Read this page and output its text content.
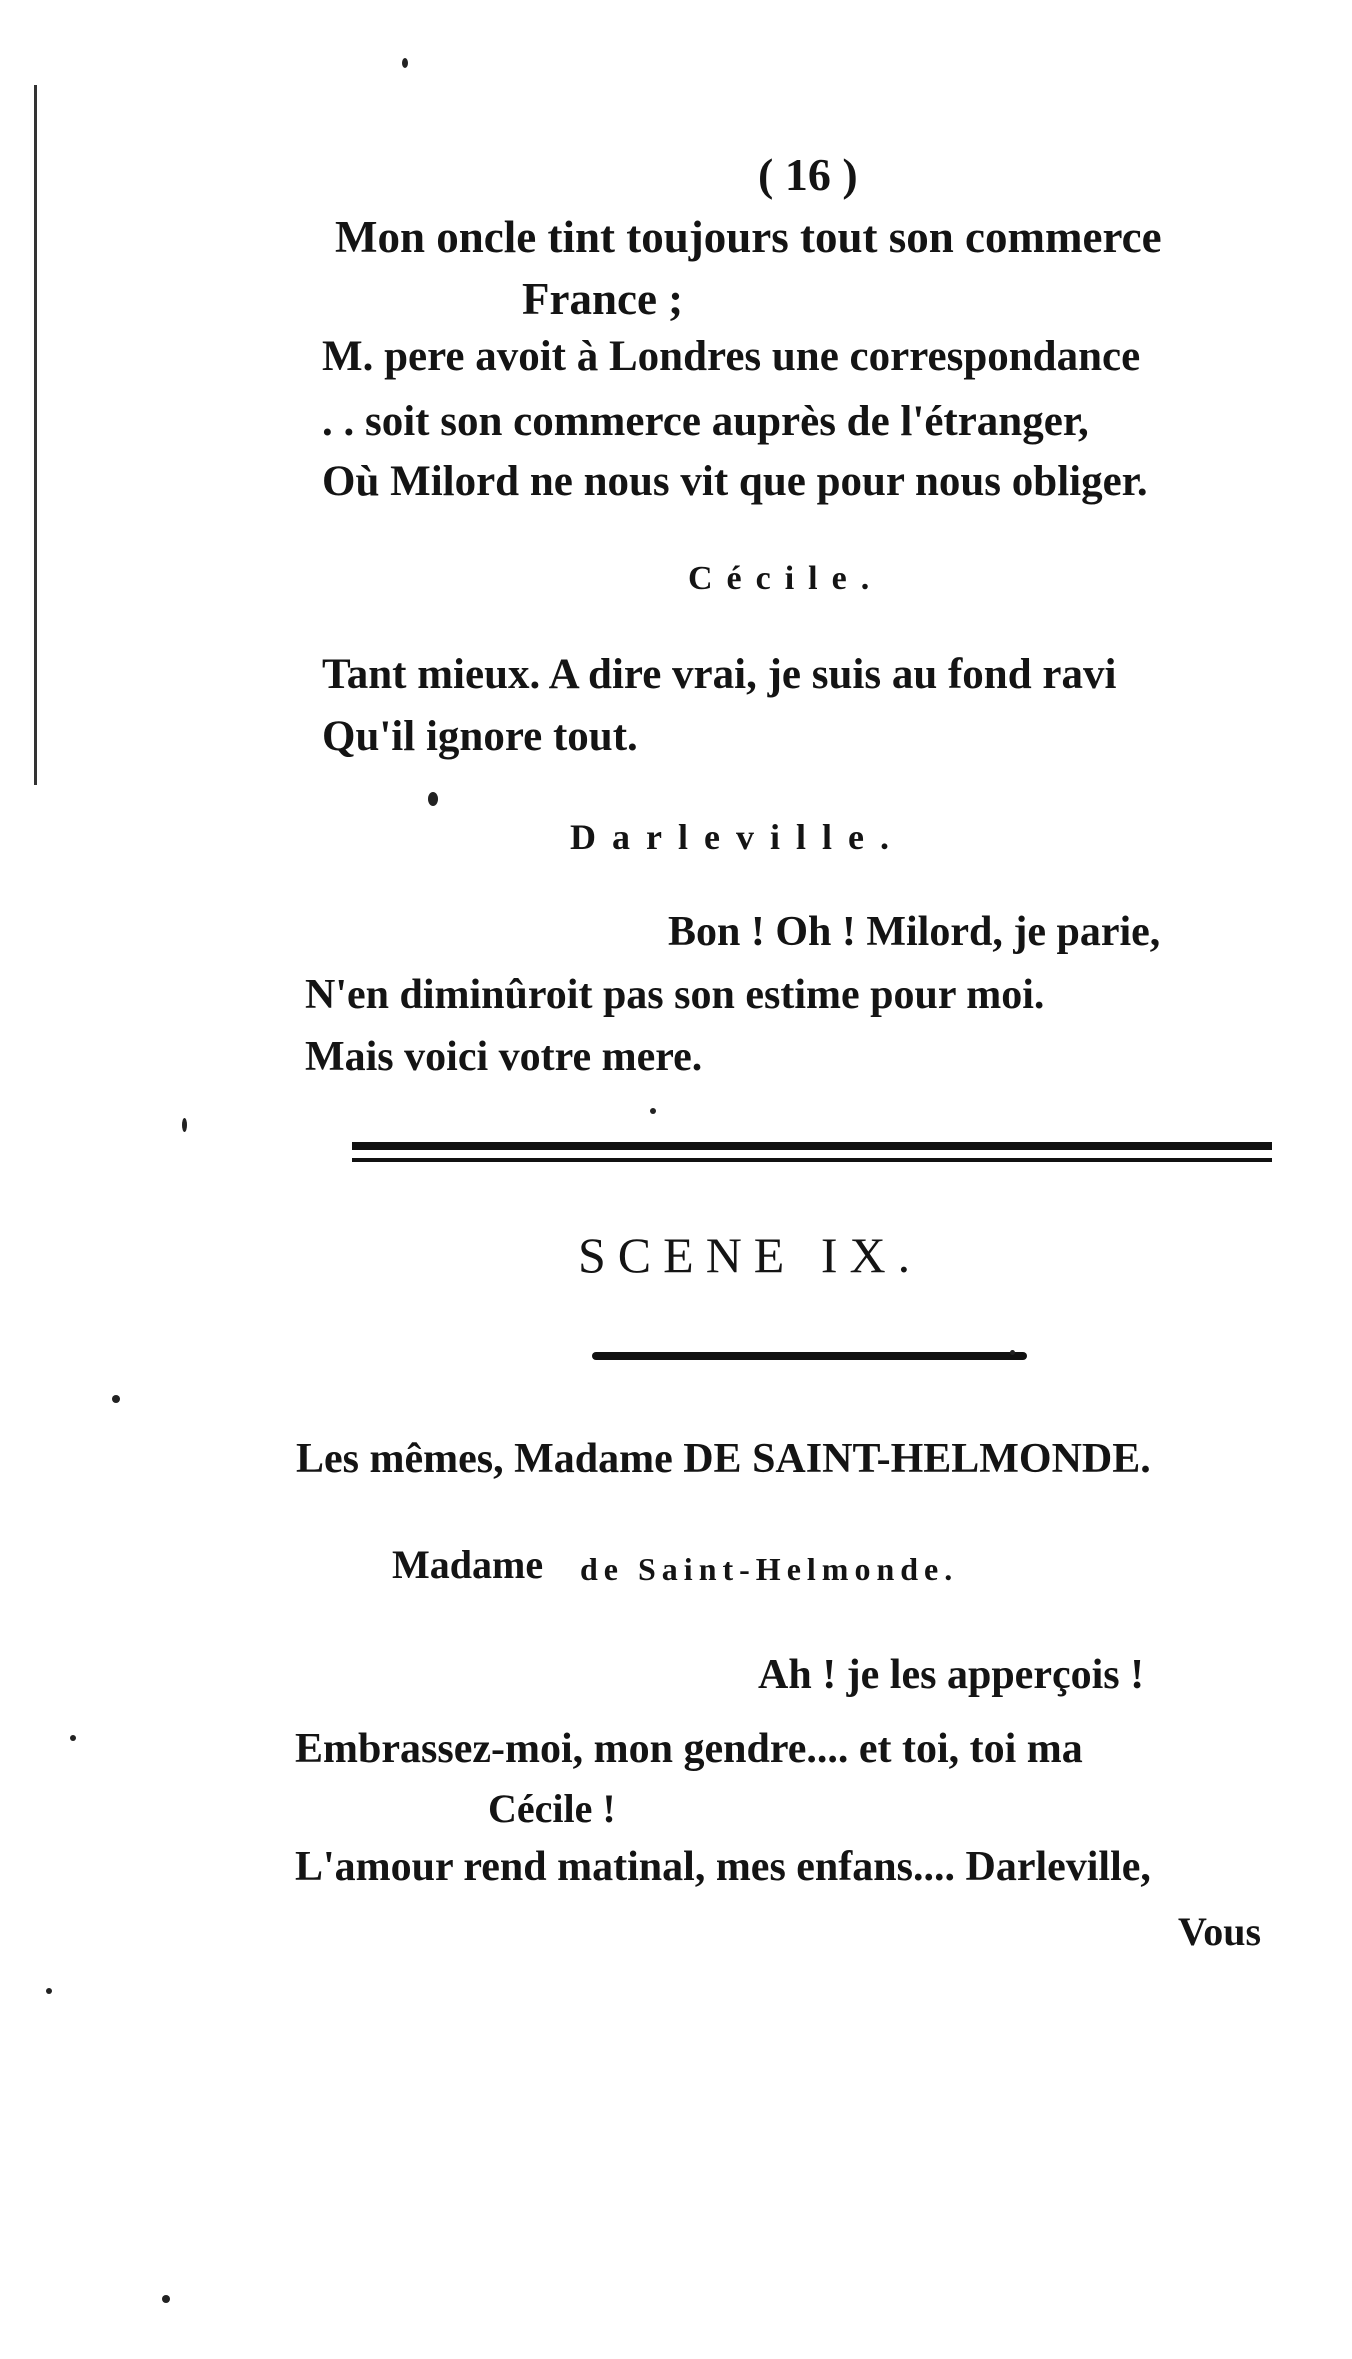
( 16 )
Mon oncle tint toujours tout son commerce
France ;
M. pere avoit à Londres une correspondance
. . soit son commerce auprès de l'étranger,
Où Milord ne nous vit que pour nous obliger.
Cécile.
Tant mieux. A dire vrai, je suis au fond ravi
Qu'il ignore tout.
Darleville.
Bon ! Oh ! Milord, je parie,
N'en diminûroit pas son estime pour moi.
Mais voici votre mere.
SCENE IX.
Les mêmes, Madame DE SAINT-HELMONDE.
Madame de Saint-Helmonde.
Ah ! je les apperçois !
Embrassez-moi, mon gendre.... et toi, toi ma
Cécile !
L'amour rend matinal, mes enfans.... Darleville,
Vous
